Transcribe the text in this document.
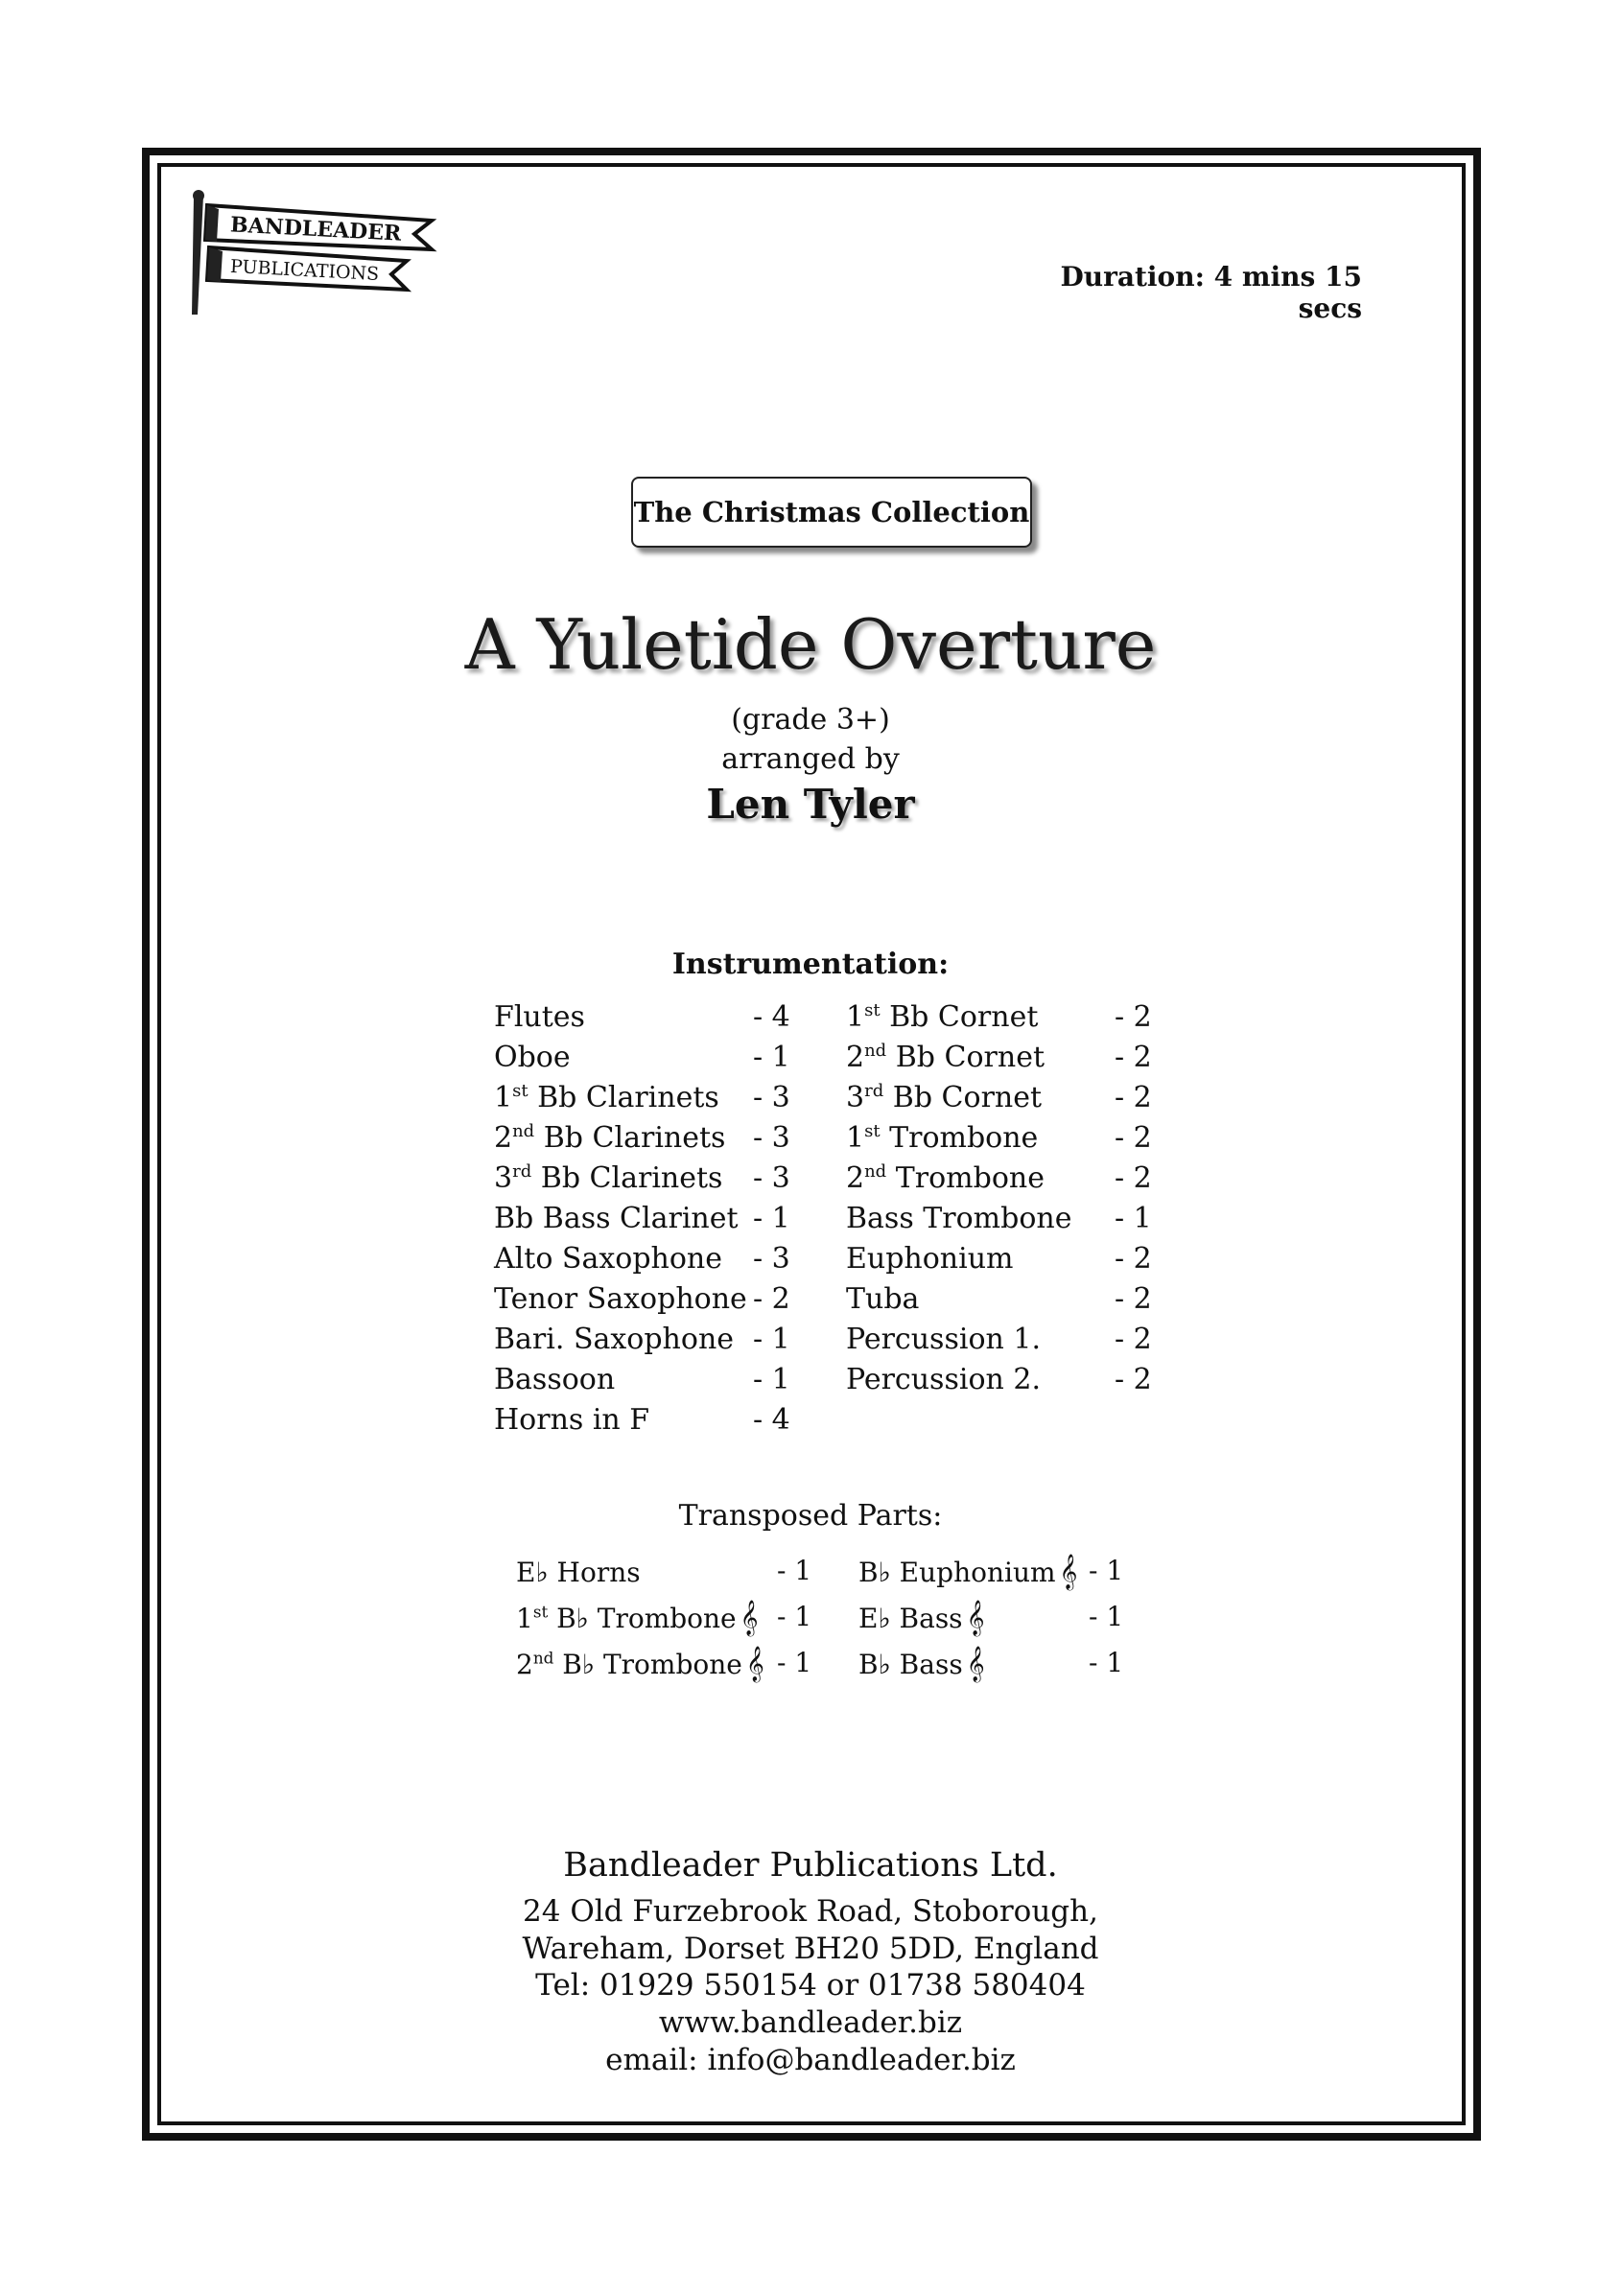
BANDLEADER
PUBLICATIONS	Duration: 4 mins 15 secs
The Christmas Collection
A Yuletide Overture
(grade 3+)
arranged by
Len Tyler
Instrumentation:
Flutes	- 4
Oboe	- 1
1st Bb Clarinets - 3
2nd Bb Clarinets - 3
3rd Bb Clarinets - 3
Bb Bass Clarinet - 1
Alto Saxophone - 3
Tenor Saxophone - 2
Bari. Saxophone - 1
Bassoon	- 1
Horns in F	- 4
1st Bb Cornet	- 2
2nd Bb Cornet - 2
3rd Bb Cornet	- 2
1st Trombone	- 2
2nd Trombone - 2
Bass Trombone - 1
Euphonium	- 2
Tuba	- 2
Percussion 1.	- 2
Percussion 2.	- 2
Transposed Parts:
E♭ Horns	- 1
1st B♭ Trombone 𝄞 - 1
2nd B♭ Trombone 𝄞 - 1
B♭ Euphonium 𝄞 - 1
E♭ Bass 𝄞	- 1
B♭ Bass 𝄞	- 1
Bandleader Publications Ltd.
24 Old Furzebrook Road, Stoborough,
Wareham, Dorset BH20 5DD, England
Tel: 01929 550154 or 01738 580404
www.bandleader.biz
email: info@bandleader.biz
